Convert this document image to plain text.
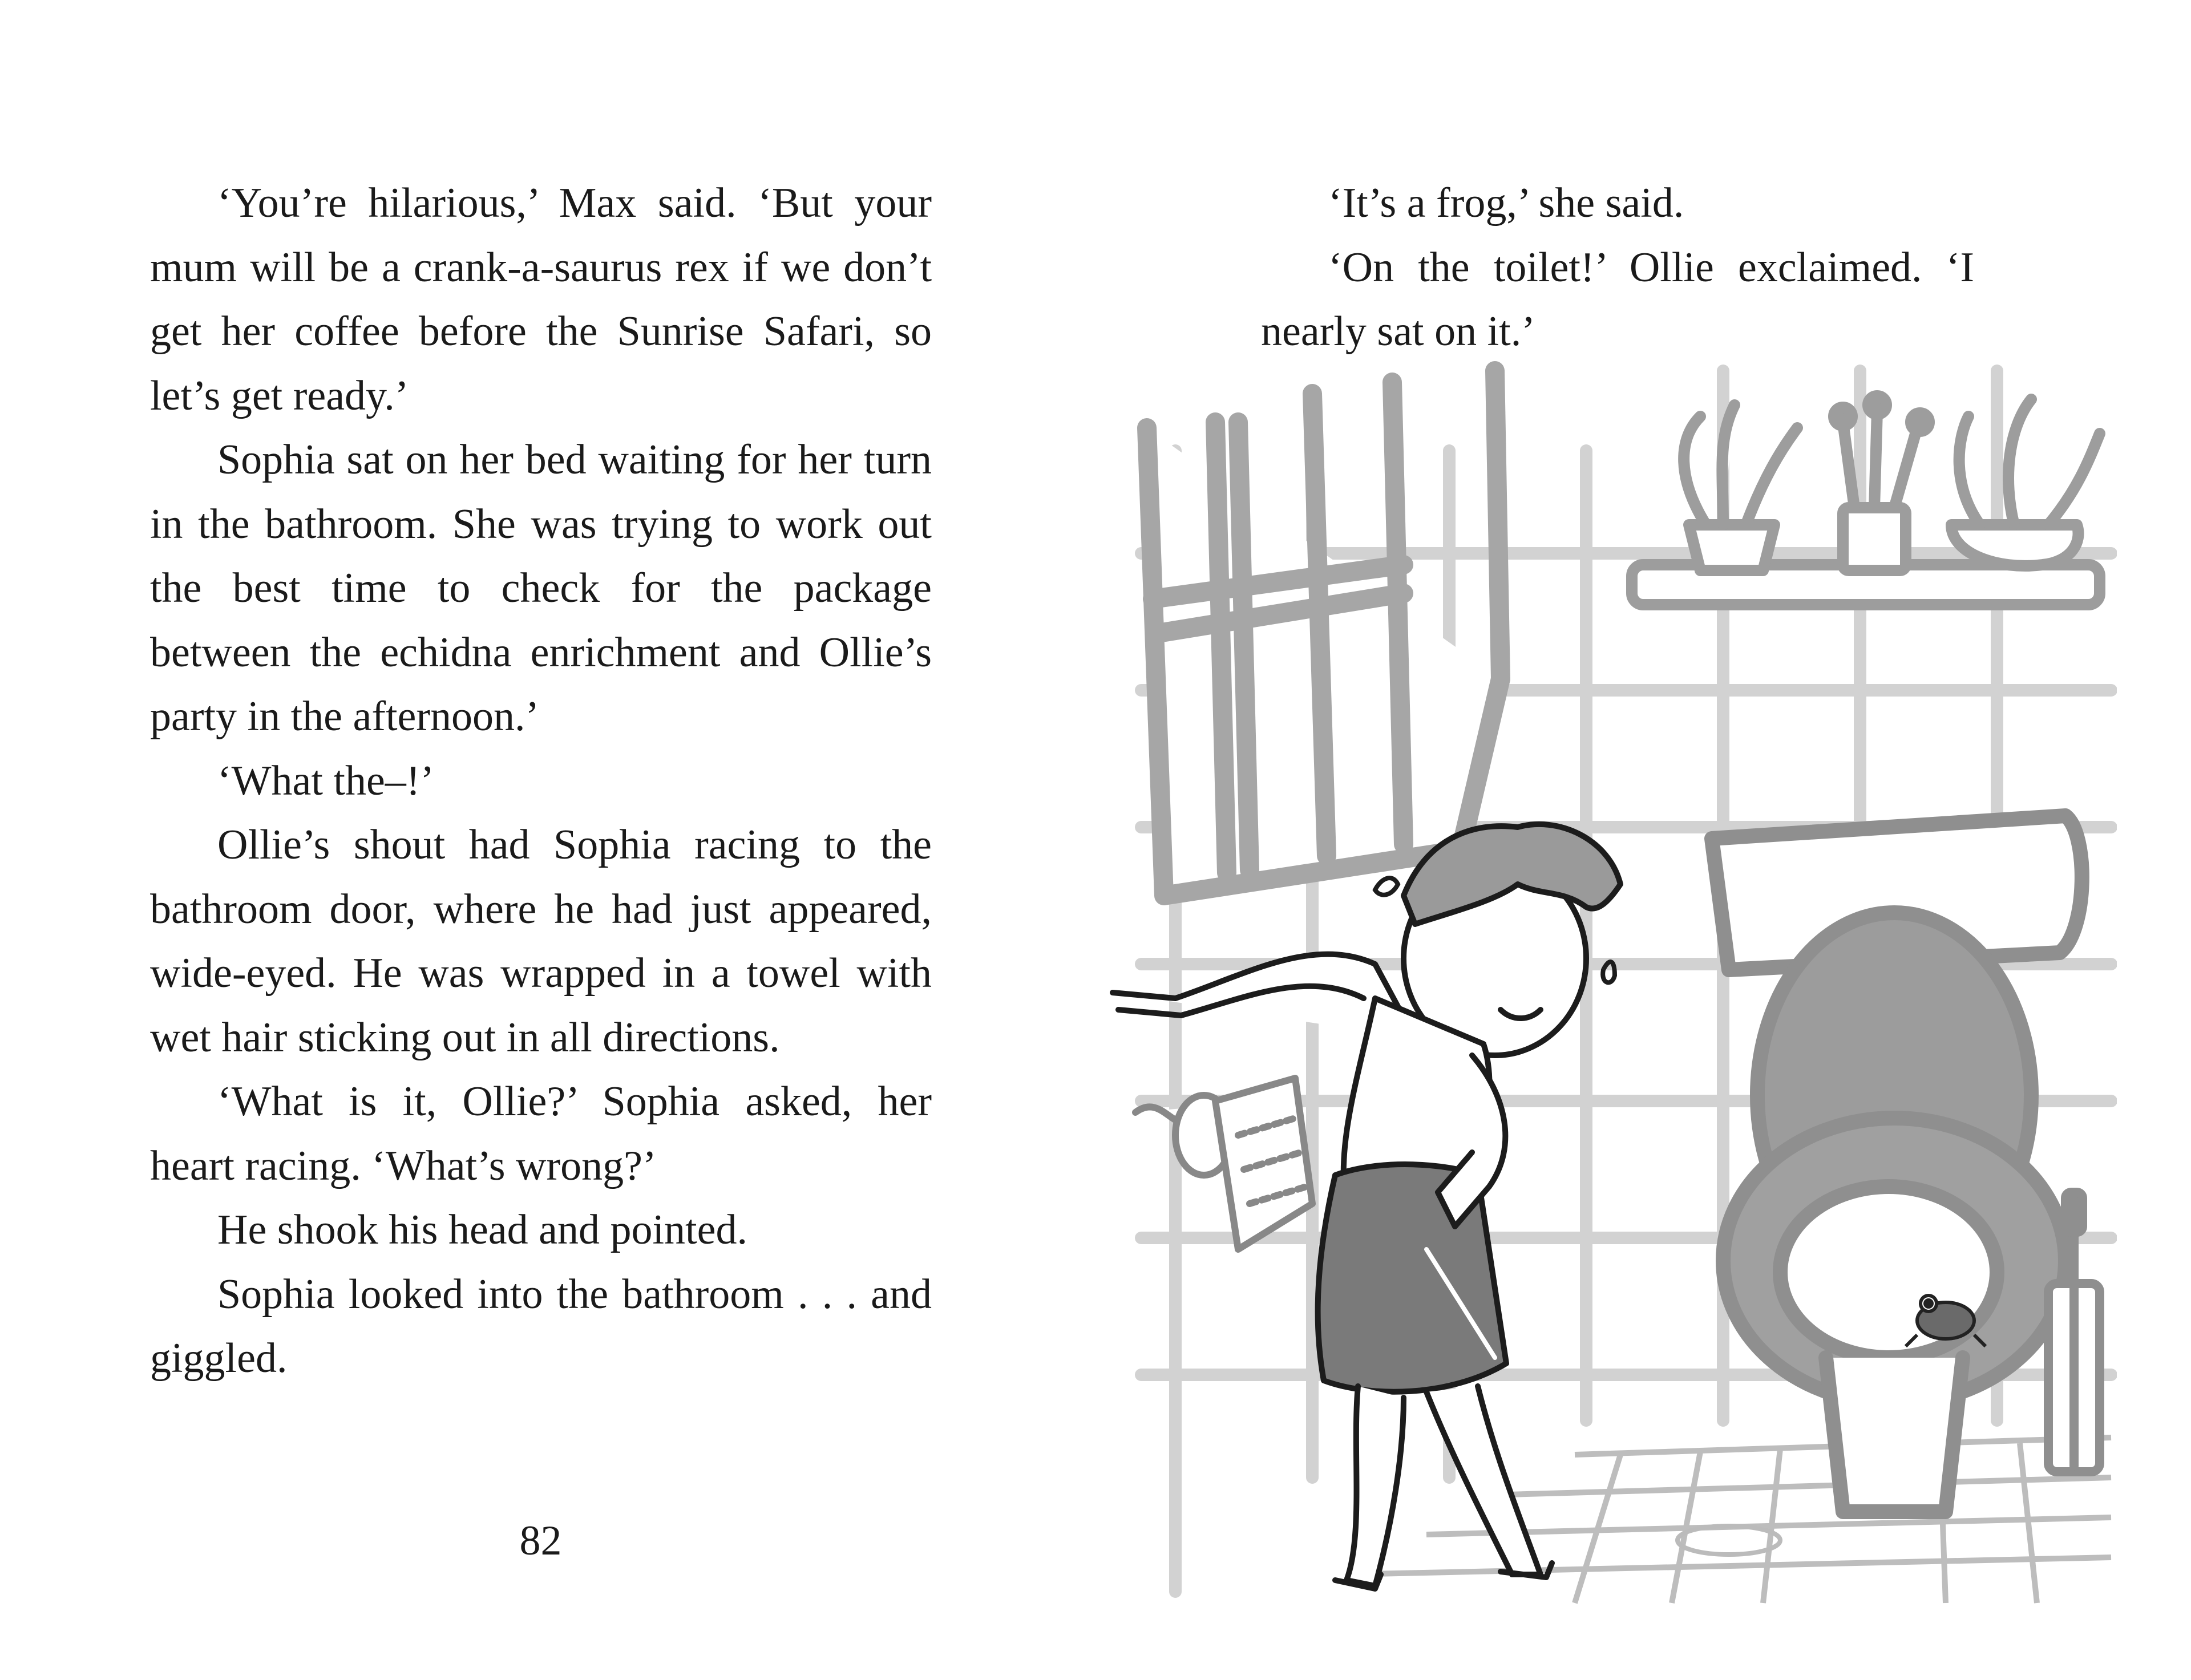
‘You’re hilarious,’ Max said. ‘But your mum will be a crank-a-saurus rex if we don’t get her coffee before the Sunrise Safari, so let’s get ready.’

Sophia sat on her bed waiting for her turn in the bathroom. She was trying to work out the best time to check for the package between the echidna enrichment and Ollie’s party in the afternoon.’

‘What the–!’

Ollie’s shout had Sophia racing to the bathroom door, where he had just appeared, wide-eyed. He was wrapped in a towel with wet hair sticking out in all directions.

‘What is it, Ollie?’ Sophia asked, her heart racing. ‘What’s wrong?’

He shook his head and pointed.

Sophia looked into the bathroom . . . and giggled.

82

‘It’s a frog,’ she said.

‘On the toilet!’ Ollie exclaimed. ‘I nearly sat on it.’
